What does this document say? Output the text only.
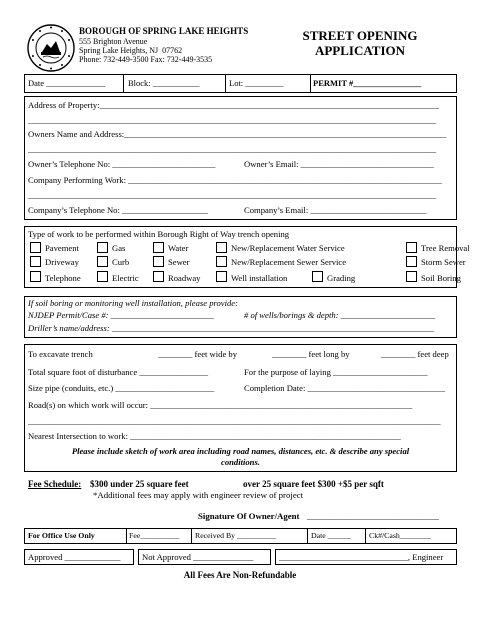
BOROUGH OF SPRING LAKE HEIGHTS
555 Brighton Avenue
Spring Lake Heights, NJ  07762
Phone: 732-449-3500 Fax: 732-449-3535
STREET OPENING
APPLICATION
Date ______________	Block: ___________	Lot: _________	PERMIT #________________
Address of Property:_______________________________________________________________________________
_______________________________________________________________________________________________
Owners Name and Address:___________________________________________________________________________
_______________________________________________________________________________________________
Owner’s Telephone No: ________________________	Owner’s Email: _______________________________
Company Performing Work: _________________________________________________________________________
_______________________________________________________________________________________________
Company’s Telephone No: ____________________	Company’s Email: ___________________________
Type of work to be performed within Borough Right of Way trench opening
Pavement	Gas	Water	New/Replacement Water Service	Tree Removal
Driveway	Curb	Sewer	New/Replacement Sewer Service	Storm Sewer
Telephone	Electric	Roadway	Well installation	Grading	Soil Boring
If soil boring or monitoring well installation, please provide:
NJDEP Permit/Case #: ________________________	# of wells/borings & depth: ______________________
Driller’s name/address: ___________________________________________________________________________
To excavate trench	________ feet wide by	________ feet long by	________ feet deep
Total square foot of disturbance ________________	For the purpose of laying ______________________
Size pipe (conduits, etc.) _______________________	Completion Date: ________________________________
Road(s) on which work will occur: _____________________________________________________________
________________________________________________________________________________________________
Nearest Intersection to work: _______________________________________________________________
Please include sketch of work area including road names, distances, etc. & describe any special
conditions.
Fee Schedule: $300 under 25 square feet	over 25 square feet $300 +$5 per sqft
*Additional fees may apply with engineer review of project
Signature Of Owner/Agent ______________________________
For Office Use Only	Fee__________ Received By __________	Date ______ Ck#/Cash________
Approved _____________	Not Approved ______________	______________________________, Engineer
All Fees Are Non-Refundable
